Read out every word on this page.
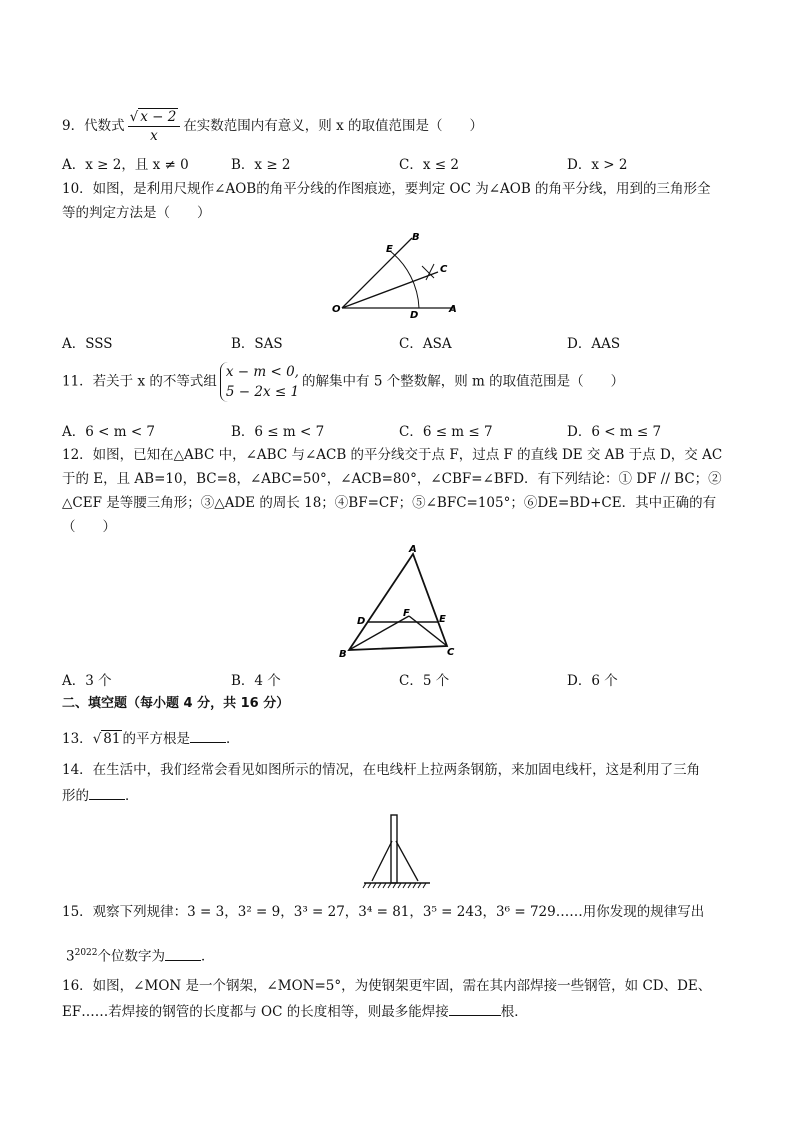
9．代数式 $\frac{√ x - 2}{x}$ 在实数范围内有意义，则 x 的取值范围是（　　）
A．x ≥ 2，且 x ≠ 0	B．x ≥ 2	C．x ≤ 2	D．x > 2
10．如图，是利用尺规作∠AOB的角平分线的作图痕迹，要判定 OC 为∠AOB 的角平分线，用到的三角形全
等的判定方法是（　　）
E
B
C
O
D
A
A．SSS	B．SAS	C．ASA	D．AAS
11．若关于 x 的不等式组
x − m < 0,
5 − 2x ≤ 1
的解集中有 5 个整数解，则 m 的取值范围是（　　）
A．6 < m < 7	B．6 ≤ m < 7	C．6 ≤ m ≤ 7	D．6 < m ≤ 7
12．如图，已知在△ABC 中，∠ABC 与∠ACB 的平分线交于点 F，过点 F 的直线 DE 交 AB 于点 D，交 AC
于的 E，且 AB=10，BC=8，∠ABC=50°，∠ACB=80°，∠CBF=∠BFD．有下列结论：① DF // BC；②
△CEF 是等腰三角形；③△ADE 的周长 18；④BF=CF；⑤∠BFC=105°；⑥DE=BD+CE．其中正确的有
（　　）
A
D
F
E
B	C
A．3 个	B．4 个	C．5 个	D．6 个
二、填空题（每小题 4 分，共 16 分）
13．√ 81 的平方根是	．
14．在生活中，我们经常会看见如图所示的情况，在电线杆上拉两条钢筋，来加固电线杆，这是利用了三角
形的	．
15．观察下列规律：3 = 3，3² = 9，3³ = 27，3⁴ = 81，3⁵ = 243，3⁶ = 729……用你发现的规律写出
$3^{2022}$个位数字为	．
16．如图，∠MON 是一个钢架，∠MON=5°，为使钢架更牢固，需在其内部焊接一些钢管，如 CD、DE、
EF……若焊接的钢管的长度都与 OC 的长度相等，则最多能焊接	根．
